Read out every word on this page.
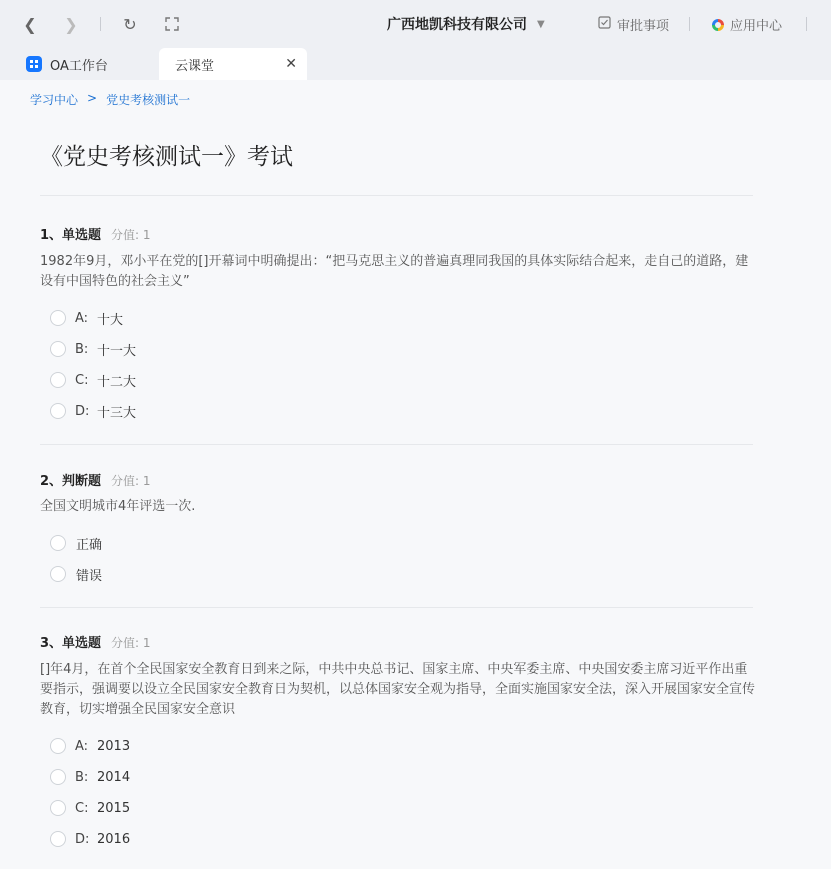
❮	❯	↻	广西地凯科技有限公司 ▼	审批事项	应用中心
OA工作台	云课堂	✕
学习中心 > 党史考核测试一
《党史考核测试一》考试
1、单选题 分值: 1
1982年9月，邓小平在党的[]开幕词中明确提出：“把马克思主义的普遍真理同我国的具体实际结合起来，走自己的道路，建设有中国特色的社会主义”
A: 十大
B: 十一大
C: 十二大
D: 十三大
2、判断题 分值: 1
全国文明城市4年评选一次.
正确
错误
3、单选题 分值: 1
[]年4月，在首个全民国家安全教育日到来之际，中共中央总书记、国家主席、中央军委主席、中央国安委主席习近平作出重要指示，强调要以设立全民国家安全教育日为契机，以总体国家安全观为指导，全面实施国家安全法，深入开展国家安全宣传教育，切实增强全民国家安全意识
A: 2013
B: 2014
C: 2015
D: 2016
